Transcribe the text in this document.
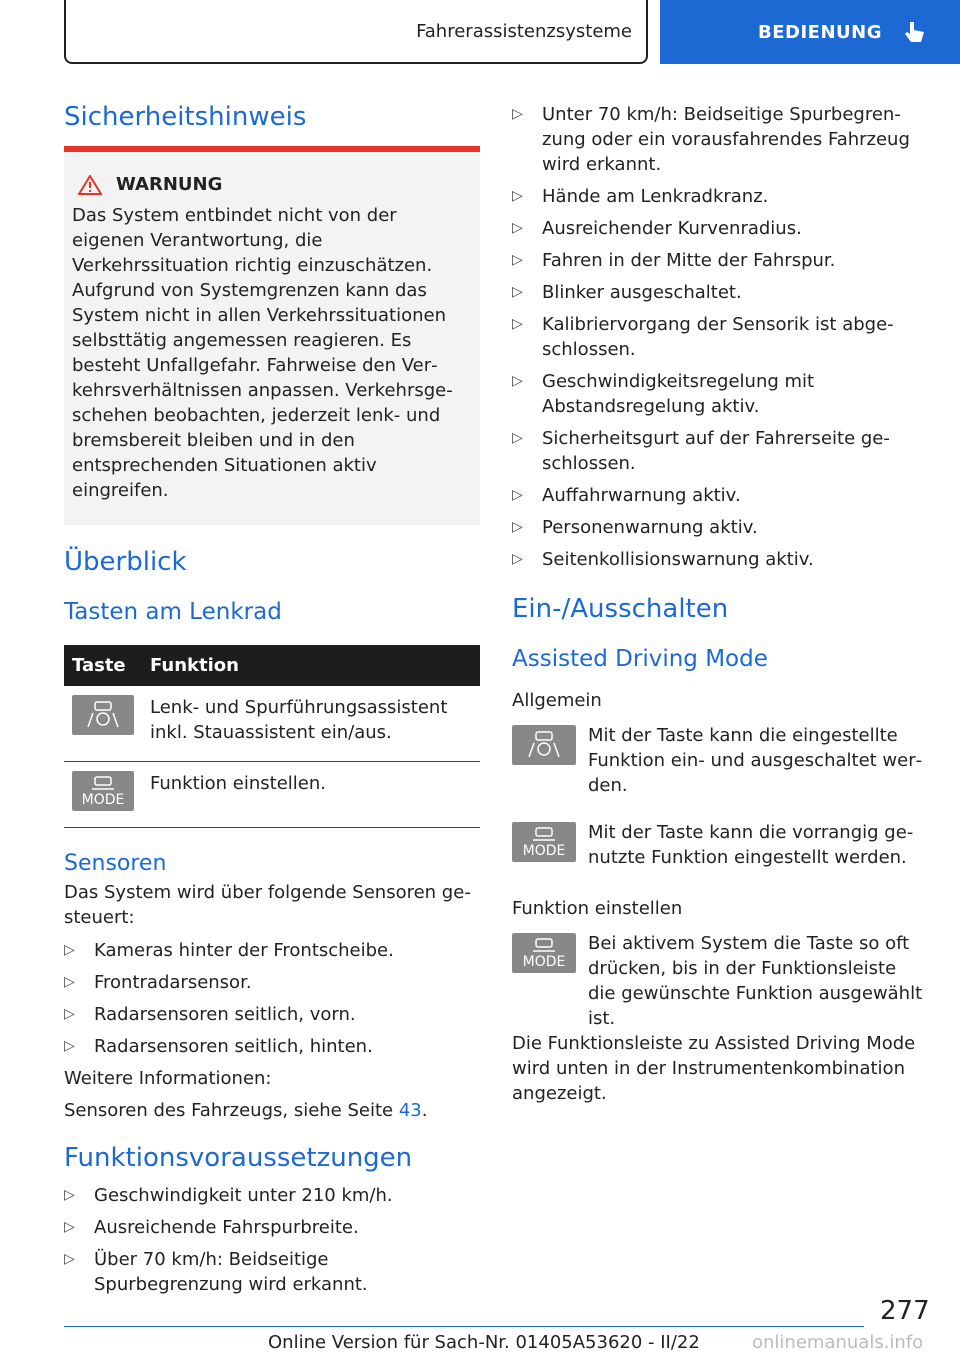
Fahrerassistenzsysteme	BEDIENUNG
Sicherheitshinweis
WARNUNG

Das System entbindet nicht von der eigenen Verantwortung, die Verkehrssituation richtig einzuschätzen. Aufgrund von Systemgrenzen kann das System nicht in allen Verkehrssituationen selbsttätig angemessen reagieren. Es besteht Unfallgefahr. Fahrweise den Verkehrsverhältnissen anpassen. Verkehrsgeschehen beobachten, jederzeit lenk- und bremsbereit bleiben und in den entsprechenden Situationen aktiv eingreifen.

Überblick
Tasten am Lenkrad
Taste	Funktion

	Lenk- und Spurführungsassistent inkl. Stauassistent ein/aus.

MODE	Funktion einstellen.
Sensoren

Das System wird über folgende Sensoren gesteuert:

▷ Kameras hinter der Frontscheibe.
▷ Frontradarsensor.
▷ Radarsensoren seitlich, vorn.
▷ Radarsensoren seitlich, hinten.

Weitere Informationen:

Sensoren des Fahrzeugs, siehe Seite 43.

Funktionsvoraussetzungen
▷ Geschwindigkeit unter 210 km/h.
▷ Ausreichende Fahrspurbreite.
▷ Über 70 km/h: Beidseitige Spurbegrenzung wird erkannt.
▷ Unter 70 km/h: Beidseitige Spurbegrenzung oder ein vorausfahrendes Fahrzeug wird erkannt.
▷ Hände am Lenkradkranz.
▷ Ausreichender Kurvenradius.
▷ Fahren in der Mitte der Fahrspur.
▷ Blinker ausgeschaltet.
▷ Kalibriervorgang der Sensorik ist abgeschlossen.
▷ Geschwindigkeitsregelung mit Abstandsregelung aktiv.
▷ Sicherheitsgurt auf der Fahrerseite geschlossen.
▷ Auffahrwarnung aktiv.
▷ Personenwarnung aktiv.
▷ Seitenkollisionswarnung aktiv.
Ein-/Ausschalten
Assisted Driving Mode

Allgemein

Mit der Taste kann die eingestellte Funktion ein- und ausgeschaltet werden.

MODE

Mit der Taste kann die vorrangig genutzte Funktion eingestellt werden.

Funktion einstellen

MODE

Bei aktivem System die Taste so oft drücken, bis in der Funktionsleiste die gewünschte Funktion ausgewählt ist.

Die Funktionsleiste zu Assisted Driving Mode wird unten in der Instrumentenkombination angezeigt.

277
Online Version für Sach-Nr. 01405A53620 - II/22	onlinemanuals.info
